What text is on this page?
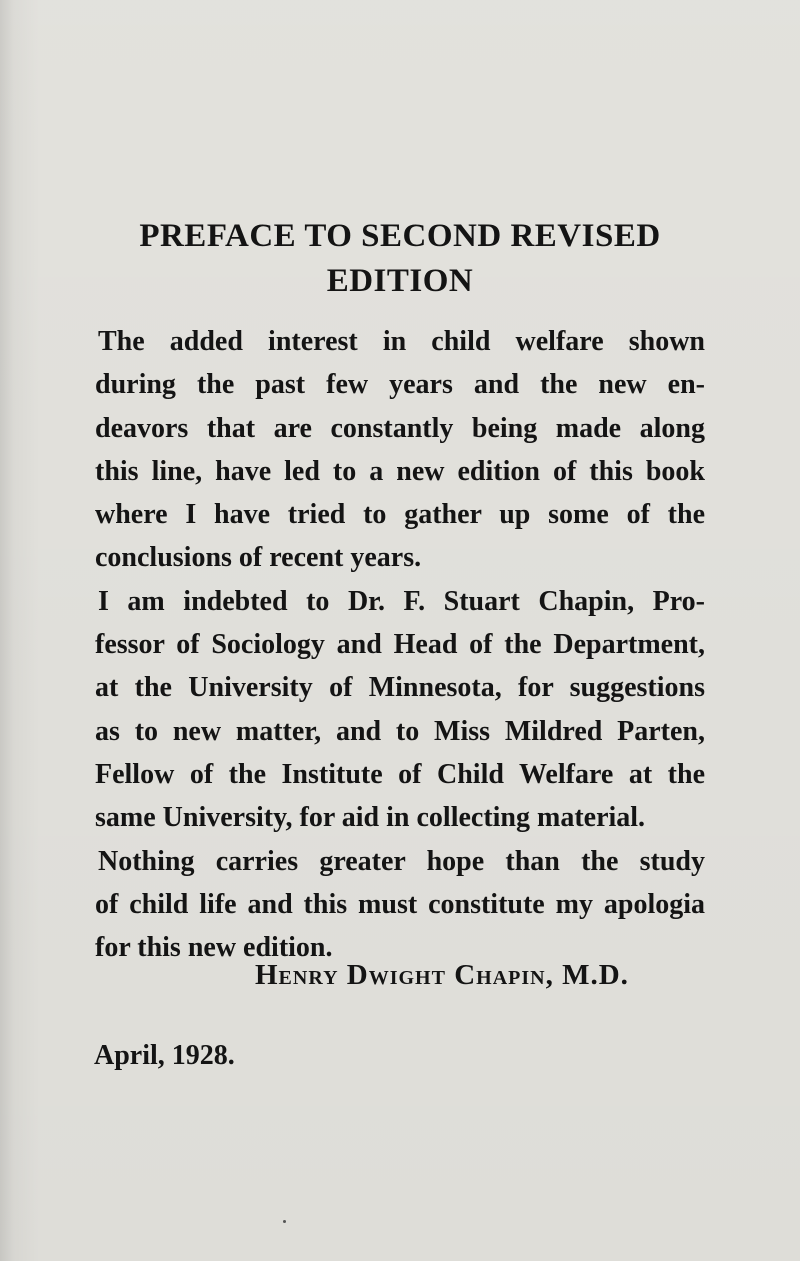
PREFACE TO SECOND REVISED
EDITION

The added interest in child welfare shown
during the past few years and the new en-
deavors that are constantly being made along
this line, have led to a new edition of this book
where I have tried to gather up some of the
conclusions of recent years.

I am indebted to Dr. F. Stuart Chapin, Pro-
fessor of Sociology and Head of the Department,
at the University of Minnesota, for suggestions
as to new matter, and to Miss Mildred Parten,
Fellow of the Institute of Child Welfare at the
same University, for aid in collecting material.

Nothing carries greater hope than the study
of child life and this must constitute my apologia
for this new edition.

Henry Dwight Chapin, M.D.
April, 1928.
